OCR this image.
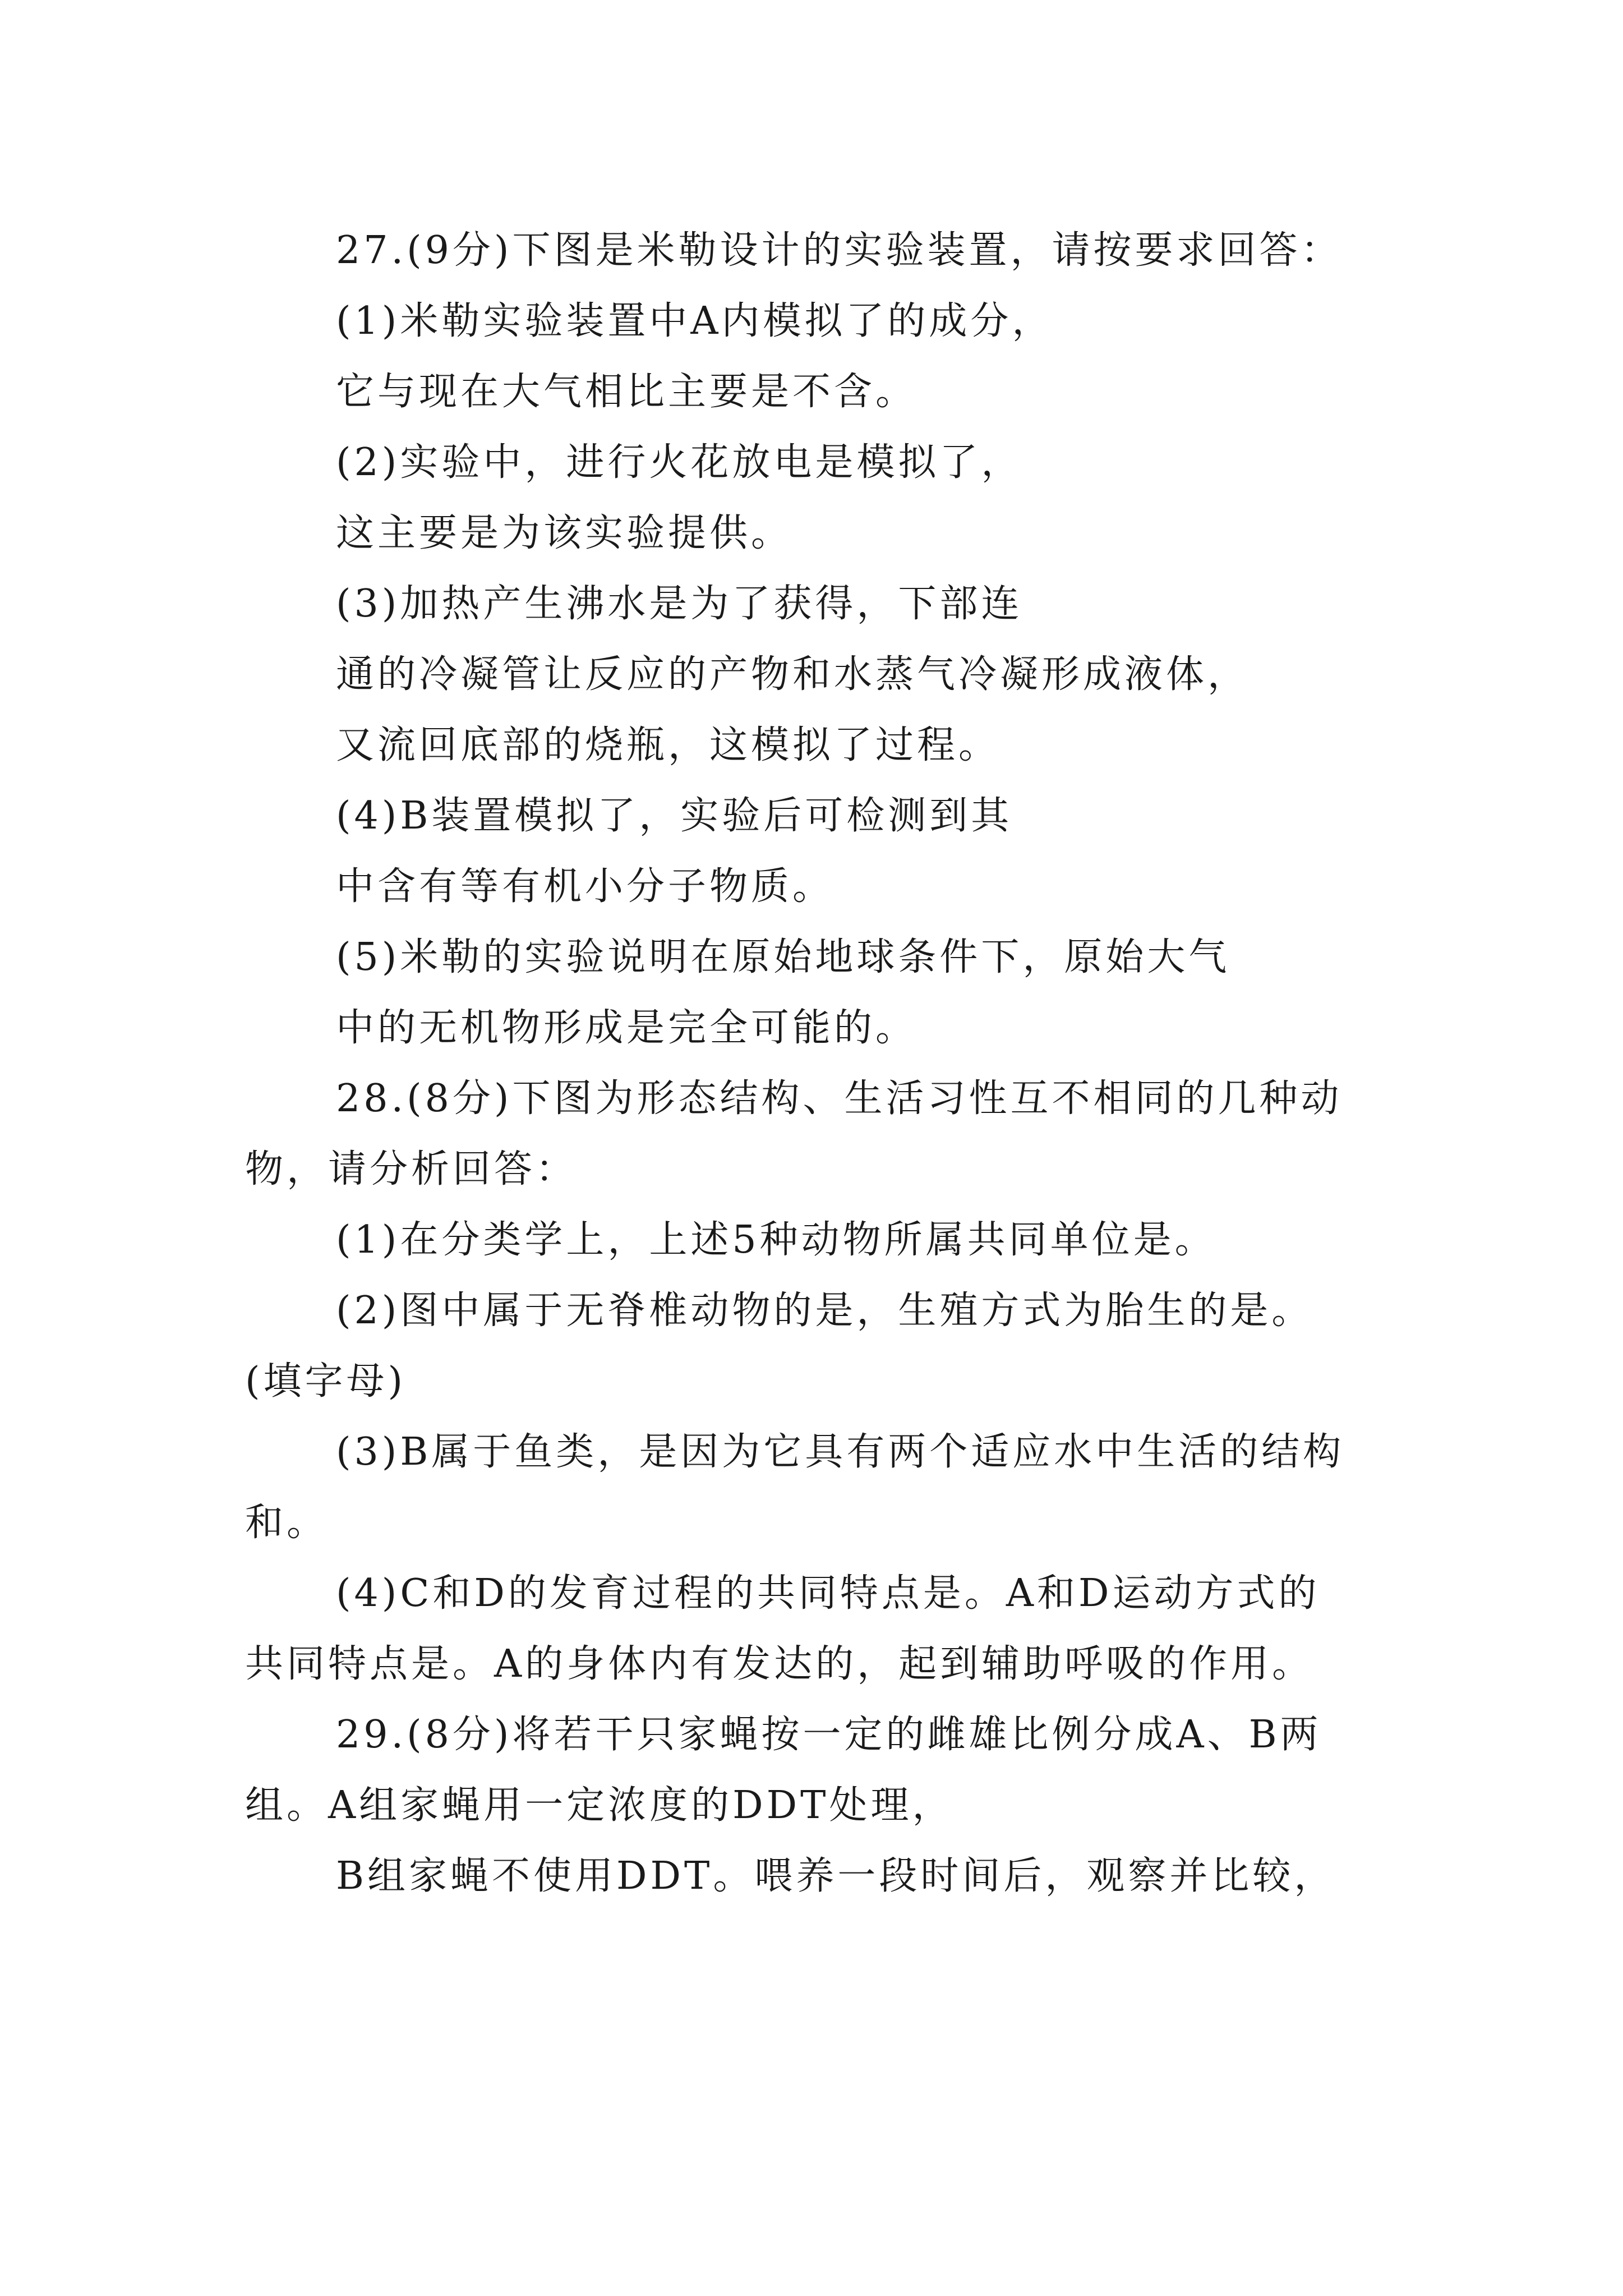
27.(9分)下图是米勒设计的实验装置，请按要求回答：
(1)米勒实验装置中A内模拟了的成分，
它与现在大气相比主要是不含。
(2)实验中，进行火花放电是模拟了，
这主要是为该实验提供。
(3)加热产生沸水是为了获得，下部连
通的冷凝管让反应的产物和水蒸气冷凝形成液体，
又流回底部的烧瓶，这模拟了过程。
(4)B装置模拟了，实验后可检测到其
中含有等有机小分子物质。
(5)米勒的实验说明在原始地球条件下，原始大气
中的无机物形成是完全可能的。
28.(8分)下图为形态结构、生活习性互不相同的几种动
物，请分析回答：
(1)在分类学上，上述5种动物所属共同单位是。
(2)图中属于无脊椎动物的是，生殖方式为胎生的是。
(填字母)
(3)B属于鱼类，是因为它具有两个适应水中生活的结构
和。
(4)C和D的发育过程的共同特点是。A和D运动方式的
共同特点是。A的身体内有发达的，起到辅助呼吸的作用。
29.(8分)将若干只家蝇按一定的雌雄比例分成A、B两
组。A组家蝇用一定浓度的DDT处理，
B组家蝇不使用DDT。喂养一段时间后，观察并比较，
